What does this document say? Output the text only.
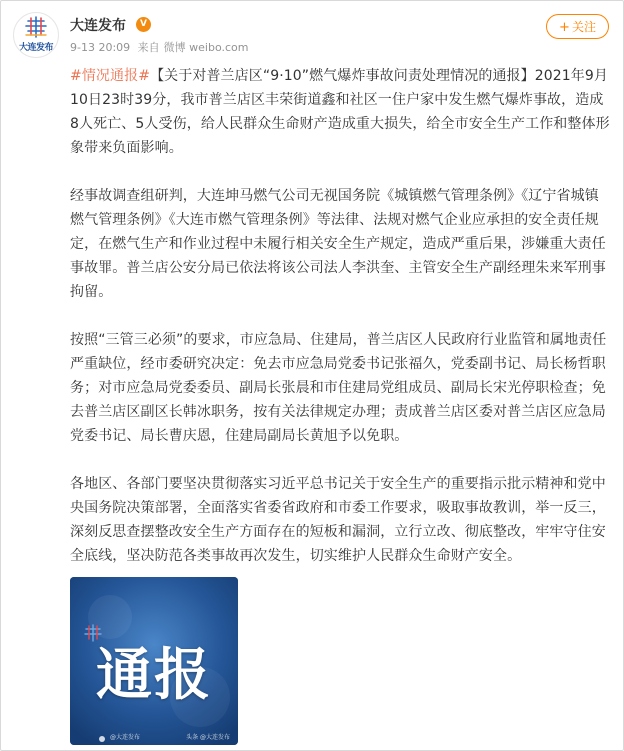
大连发布
大连发布	V
9-13 20:09 来自 微博 weibo.com
+ 关注

#情况通报#【关于对普兰店区“9·10”燃气爆炸事故问责处理情况的通报】2021年9月10日23时39分，我市普兰店区丰荣街道鑫和社区一住户家中发生燃气爆炸事故，造成8人死亡、5人受伤，给人民群众生命财产造成重大损失，给全市安全生产工作和整体形象带来负面影响。

经事故调查组研判，大连坤马燃气公司无视国务院《城镇燃气管理条例》《辽宁省城镇燃气管理条例》《大连市燃气管理条例》等法律、法规对燃气企业应承担的安全责任规定，在燃气生产和作业过程中未履行相关安全生产规定，造成严重后果，涉嫌重大责任事故罪。普兰店公安分局已依法将该公司法人李洪奎、主管安全生产副经理朱来军刑事拘留。

按照“三管三必须”的要求，市应急局、住建局，普兰店区人民政府行业监管和属地责任严重缺位，经市委研究决定：免去市应急局党委书记张福久，党委副书记、局长杨哲职务；对市应急局党委委员、副局长张晨和市住建局党组成员、副局长宋光停职检查；免去普兰店区副区长韩冰职务，按有关法律规定办理；责成普兰店区委对普兰店区应急局党委书记、局长曹庆恩，住建局副局长黄旭予以免职。

各地区、各部门要坚决贯彻落实习近平总书记关于安全生产的重要指示批示精神和党中央国务院决策部署，全面落实省委省政府和市委工作要求，吸取事故教训，举一反三，深刻反思查摆整改安全生产方面存在的短板和漏洞，立行立改、彻底整改，牢牢守住安全底线，坚决防范各类事故再次发生，切实维护人民群众生命财产安全。

通报
@大连发布	头条 @大连发布
